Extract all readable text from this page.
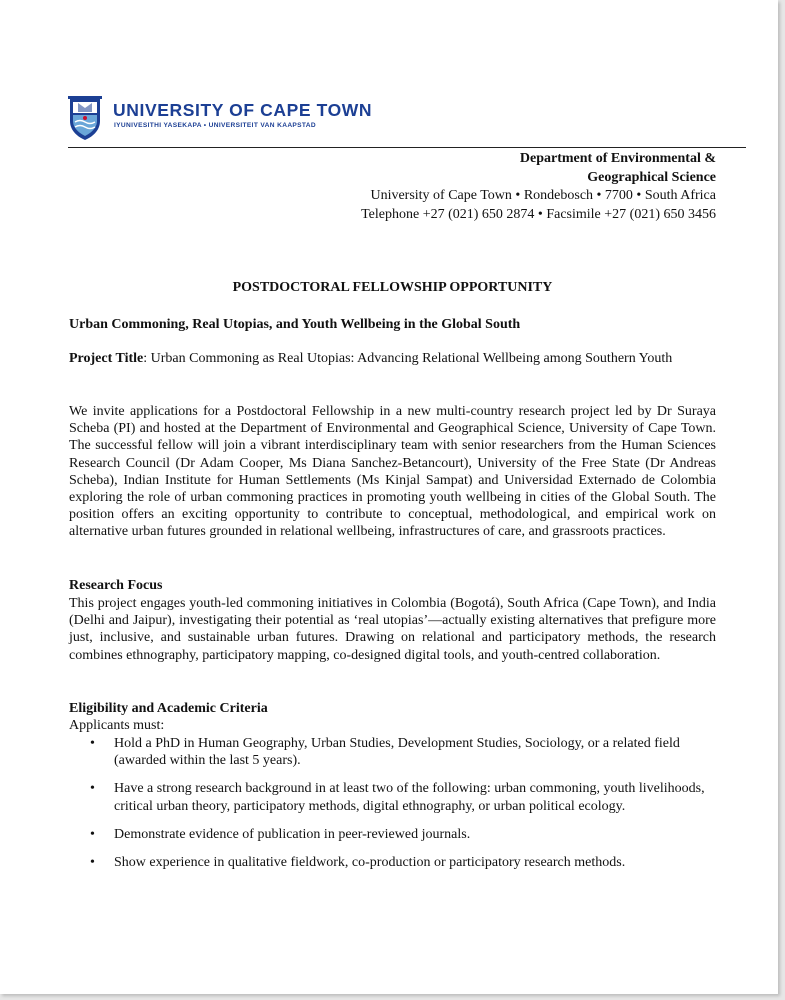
UNIVERSITY OF CAPE TOWN
IYUNIVESITHI YASEKAPA • UNIVERSITEIT VAN KAAPSTAD
Department of Environmental &
Geographical Science
University of Cape Town • Rondebosch • 7700 • South Africa
Telephone +27 (021) 650 2874 • Facsimile +27 (021) 650 3456
POSTDOCTORAL FELLOWSHIP OPPORTUNITY
Urban Commoning, Real Utopias, and Youth Wellbeing in the Global South
Project Title: Urban Commoning as Real Utopias: Advancing Relational Wellbeing among Southern Youth
We invite applications for a Postdoctoral Fellowship in a new multi-country research project led by Dr Suraya Scheba (PI) and hosted at the Department of Environmental and Geographical Science, University of Cape Town. The successful fellow will join a vibrant interdisciplinary team with senior researchers from the Human Sciences Research Council (Dr Adam Cooper, Ms Diana Sanchez-Betancourt), University of the Free State (Dr Andreas Scheba), Indian Institute for Human Settlements (Ms Kinjal Sampat) and Universidad Externado de Colombia exploring the role of urban commoning practices in promoting youth wellbeing in cities of the Global South. The position offers an exciting opportunity to contribute to conceptual, methodological, and empirical work on alternative urban futures grounded in relational wellbeing, infrastructures of care, and grassroots practices.
Research Focus
This project engages youth-led commoning initiatives in Colombia (Bogotá), South Africa (Cape Town), and India (Delhi and Jaipur), investigating their potential as ‘real utopias’—actually existing alternatives that prefigure more just, inclusive, and sustainable urban futures. Drawing on relational and participatory methods, the research combines ethnography, participatory mapping, co-designed digital tools, and youth-centred collaboration.
Eligibility and Academic Criteria
Applicants must:
• Hold a PhD in Human Geography, Urban Studies, Development Studies, Sociology, or a related field (awarded within the last 5 years).
• Have a strong research background in at least two of the following: urban commoning, youth livelihoods, critical urban theory, participatory methods, digital ethnography, or urban political ecology.
• Demonstrate evidence of publication in peer-reviewed journals.
• Show experience in qualitative fieldwork, co-production or participatory research methods.
